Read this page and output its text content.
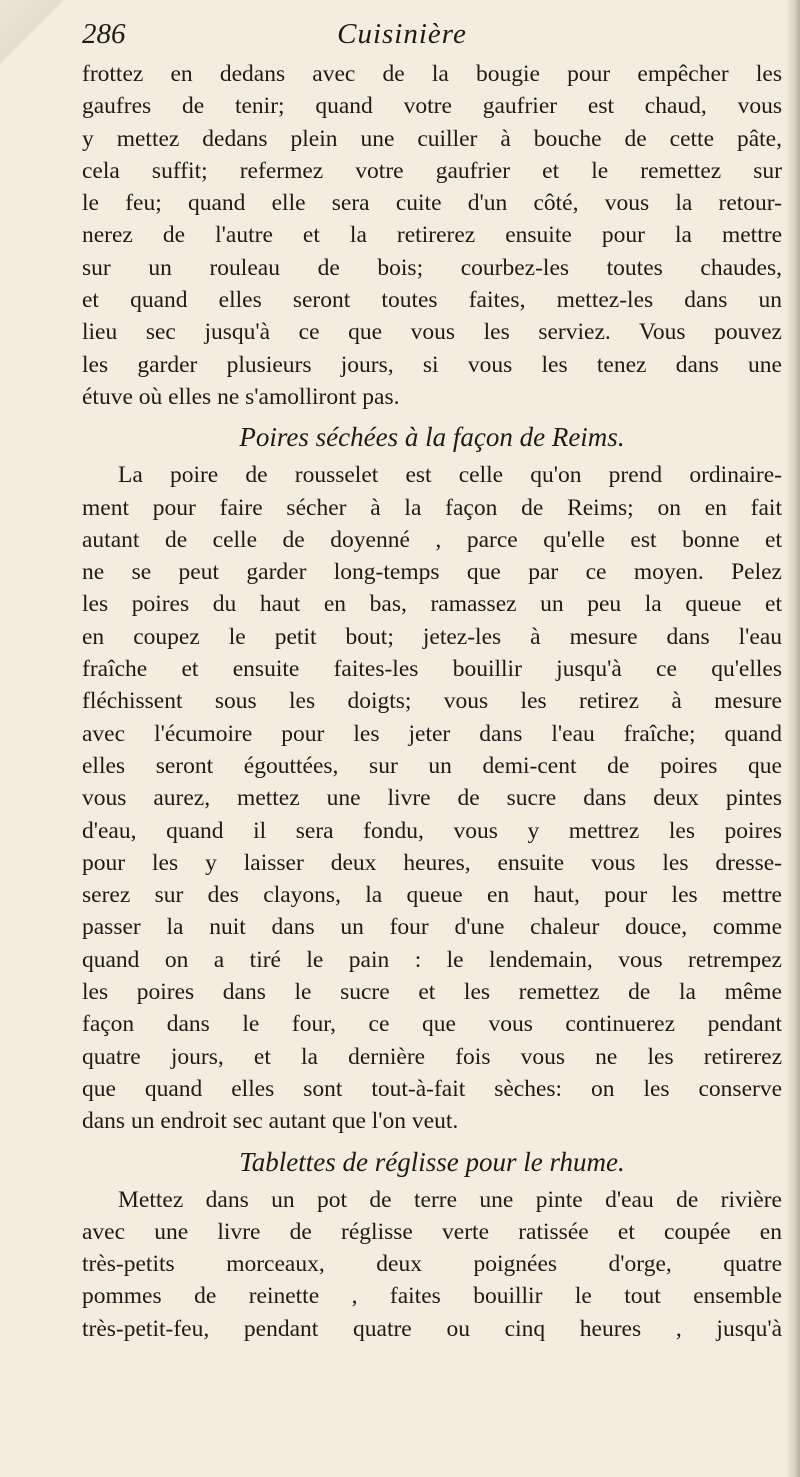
286	Cuisinière
frottez en dedans avec de la bougie pour empêcher les
gaufres de tenir; quand votre gaufrier est chaud, vous
y mettez dedans plein une cuiller à bouche de cette pâte,
cela suffit; refermez votre gaufrier et le remettez sur
le feu; quand elle sera cuite d'un côté, vous la retour-
nerez de l'autre et la retirerez ensuite pour la mettre
sur un rouleau de bois; courbez-les toutes chaudes,
et quand elles seront toutes faites, mettez-les dans un
lieu sec jusqu'à ce que vous les serviez. Vous pouvez
les garder plusieurs jours, si vous les tenez dans une
étuve où elles ne s'amolliront pas.
Poires séchées à la façon de Reims.
La poire de rousselet est celle qu'on prend ordinaire-
ment pour faire sécher à la façon de Reims; on en fait
autant de celle de doyenné , parce qu'elle est bonne et
ne se peut garder long-temps que par ce moyen. Pelez
les poires du haut en bas, ramassez un peu la queue et
en coupez le petit bout; jetez-les à mesure dans l'eau
fraîche et ensuite faites-les bouillir jusqu'à ce qu'elles
fléchissent sous les doigts; vous les retirez à mesure
avec l'écumoire pour les jeter dans l'eau fraîche; quand
elles seront égouttées, sur un demi-cent de poires que
vous aurez, mettez une livre de sucre dans deux pintes
d'eau, quand il sera fondu, vous y mettrez les poires
pour les y laisser deux heures, ensuite vous les dresse-
serez sur des clayons, la queue en haut, pour les mettre
passer la nuit dans un four d'une chaleur douce, comme
quand on a tiré le pain : le lendemain, vous retrempez
les poires dans le sucre et les remettez de la même
façon dans le four, ce que vous continuerez pendant
quatre jours, et la dernière fois vous ne les retirerez
que quand elles sont tout-à-fait sèches: on les conserve
dans un endroit sec autant que l'on veut.
Tablettes de réglisse pour le rhume.
Mettez dans un pot de terre une pinte d'eau de rivière
avec une livre de réglisse verte ratissée et coupée en
très-petits morceaux, deux poignées d'orge, quatre
pommes de reinette , faites bouillir le tout ensemble
très-petit-feu, pendant quatre ou cinq heures , jusqu'à
